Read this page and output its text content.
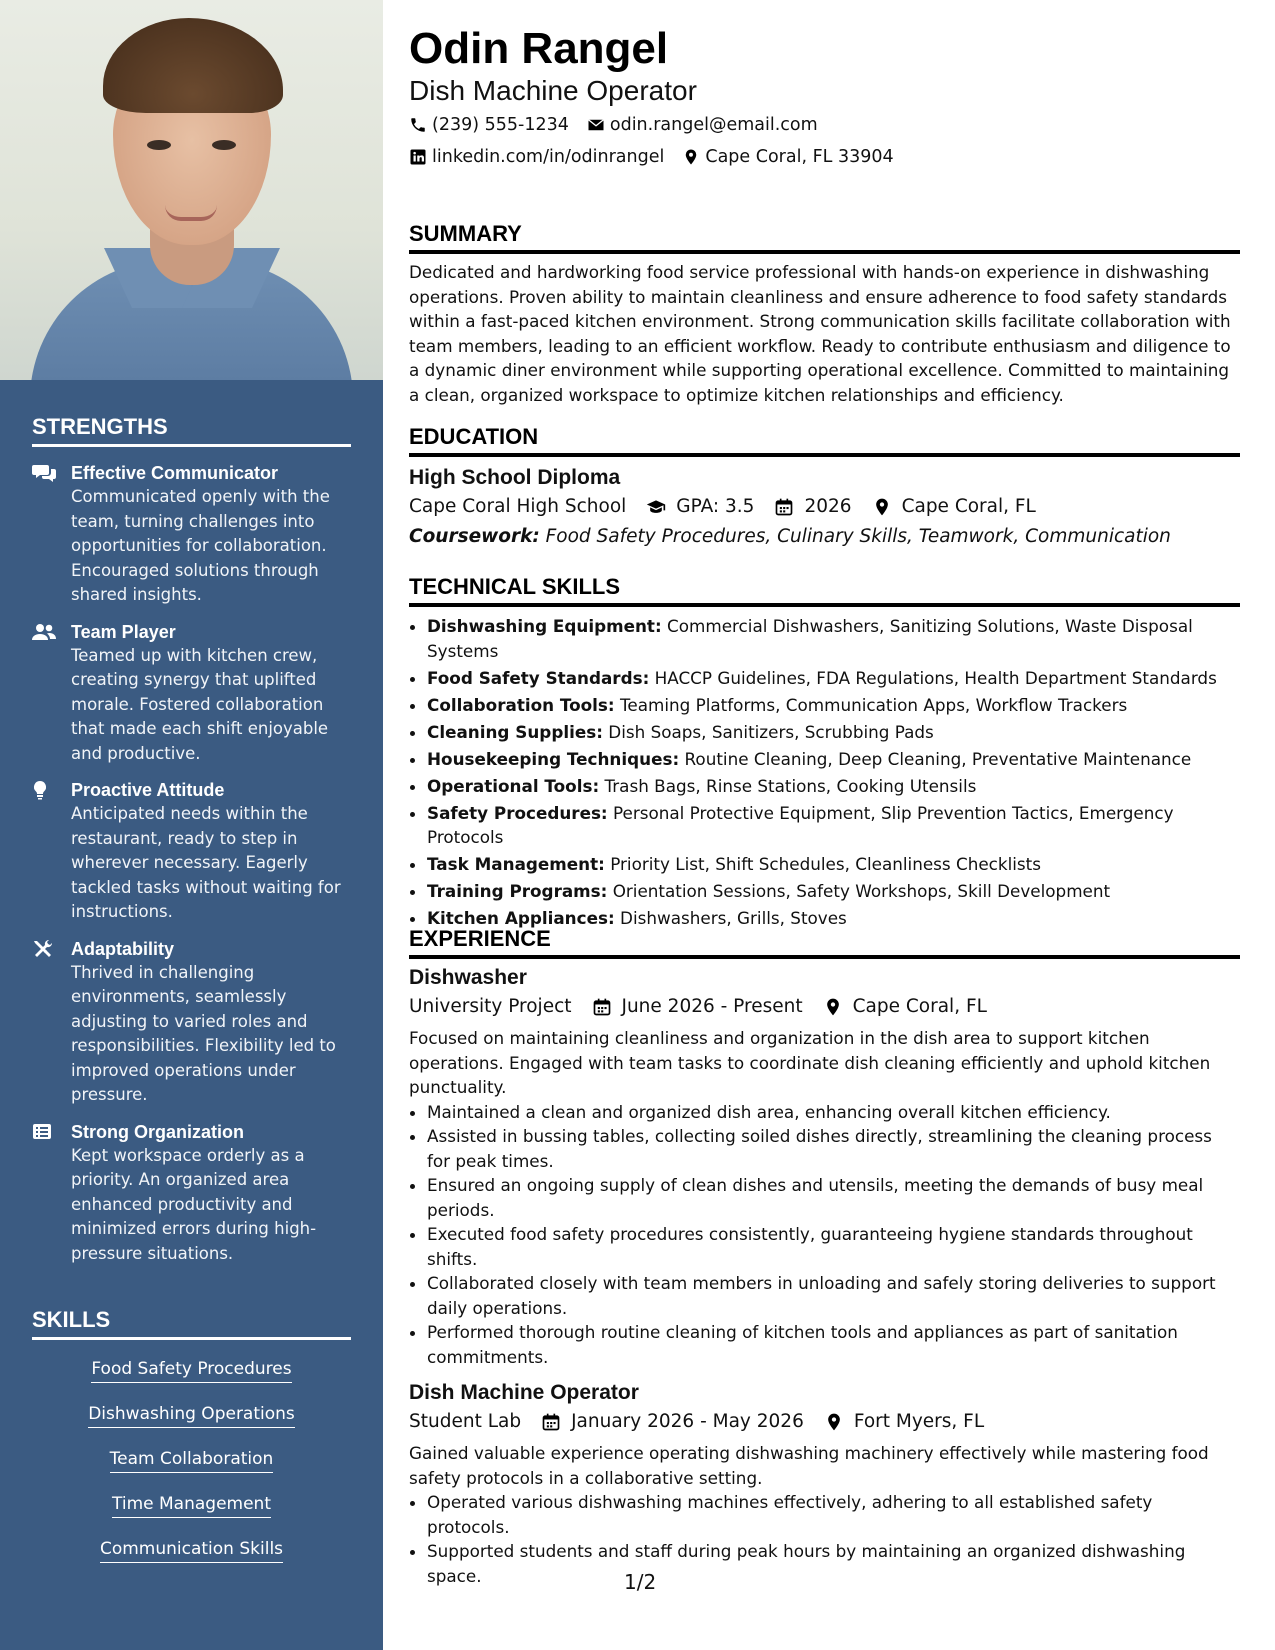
STRENGTHS
Effective Communicator
Communicated openly with the team, turning challenges into opportunities for collaboration. Encouraged solutions through shared insights.
Team Player
Teamed up with kitchen crew, creating synergy that uplifted morale. Fostered collaboration that made each shift enjoyable and productive.
Proactive Attitude
Anticipated needs within the restaurant, ready to step in wherever necessary. Eagerly tackled tasks without waiting for instructions.
Adaptability
Thrived in challenging environments, seamlessly adjusting to varied roles and responsibilities. Flexibility led to improved operations under pressure.
Strong Organization
Kept workspace orderly as a priority. An organized area enhanced productivity and minimized errors during high-pressure situations.
SKILLS
Food Safety Procedures
Dishwashing Operations
Team Collaboration
Time Management
Communication Skills
Odin Rangel
Dish Machine Operator
(239) 555-1234 odin.rangel@email.com
linkedin.com/in/odinrangel Cape Coral, FL 33904
SUMMARY

Dedicated and hardworking food service professional with hands-on experience in dishwashing operations. Proven ability to maintain cleanliness and ensure adherence to food safety standards within a fast-paced kitchen environment. Strong communication skills facilitate collaboration with team members, leading to an efficient workflow. Ready to contribute enthusiasm and diligence to a dynamic diner environment while supporting operational excellence. Committed to maintaining a clean, organized workspace to optimize kitchen relationships and efficiency.

EDUCATION
High School Diploma
Cape Coral High School	GPA: 3.5	2026	Cape Coral, FL
Coursework: Food Safety Procedures, Culinary Skills, Teamwork, Communication
TECHNICAL SKILLS
• Dishwashing Equipment: Commercial Dishwashers, Sanitizing Solutions, Waste Disposal Systems
• Food Safety Standards: HACCP Guidelines, FDA Regulations, Health Department Standards
• Collaboration Tools: Teaming Platforms, Communication Apps, Workflow Trackers
• Cleaning Supplies: Dish Soaps, Sanitizers, Scrubbing Pads
• Housekeeping Techniques: Routine Cleaning, Deep Cleaning, Preventative Maintenance
• Operational Tools: Trash Bags, Rinse Stations, Cooking Utensils
• Safety Procedures: Personal Protective Equipment, Slip Prevention Tactics, Emergency Protocols
• Task Management: Priority List, Shift Schedules, Cleanliness Checklists
• Training Programs: Orientation Sessions, Safety Workshops, Skill Development
• Kitchen Appliances: Dishwashers, Grills, Stoves
EXPERIENCE
Dishwasher
University Project	June 2026 - Present	Cape Coral, FL

Focused on maintaining cleanliness and organization in the dish area to support kitchen operations. Engaged with team tasks to coordinate dish cleaning efficiently and uphold kitchen punctuality.

• Maintained a clean and organized dish area, enhancing overall kitchen efficiency.
• Assisted in bussing tables, collecting soiled dishes directly, streamlining the cleaning process for peak times.
• Ensured an ongoing supply of clean dishes and utensils, meeting the demands of busy meal periods.
• Executed food safety procedures consistently, guaranteeing hygiene standards throughout shifts.
• Collaborated closely with team members in unloading and safely storing deliveries to support daily operations.
• Performed thorough routine cleaning of kitchen tools and appliances as part of sanitation commitments.
Dish Machine Operator
Student Lab	January 2026 - May 2026	Fort Myers, FL

Gained valuable experience operating dishwashing machinery effectively while mastering food safety protocols in a collaborative setting.

• Operated various dishwashing machines effectively, adhering to all established safety protocols.
• Supported students and staff during peak hours by maintaining an organized dishwashing space.	1/2
